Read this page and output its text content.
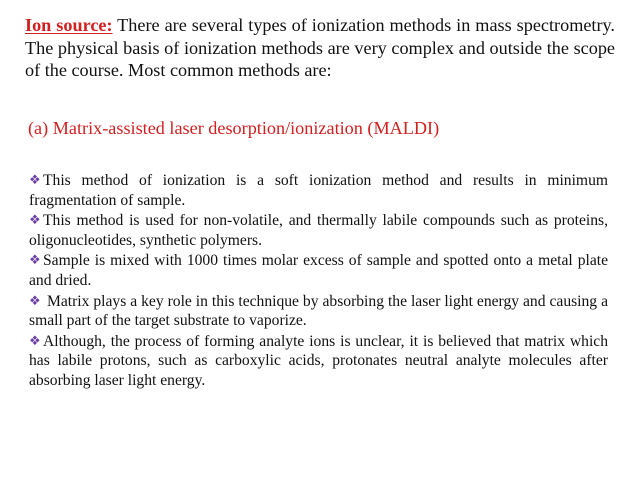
Ion source: There are several types of ionization methods in mass spectrometry. The physical basis of ionization methods are very complex and outside the scope of the course. Most common methods are:

(a) Matrix-assisted laser desorption/ionization (MALDI)
❖ This method of ionization is a soft ionization method and results in minimum fragmentation of sample.
❖ This method is used for non-volatile, and thermally labile compounds such as proteins, oligonucleotides, synthetic polymers.
❖ Sample is mixed with 1000 times molar excess of sample and spotted onto a metal plate and dried.
❖ Matrix plays a key role in this technique by absorbing the laser light energy and causing a small part of the target substrate to vaporize.
❖ Although, the process of forming analyte ions is unclear, it is believed that matrix which has labile protons, such as carboxylic acids, protonates neutral analyte molecules after absorbing laser light energy.
